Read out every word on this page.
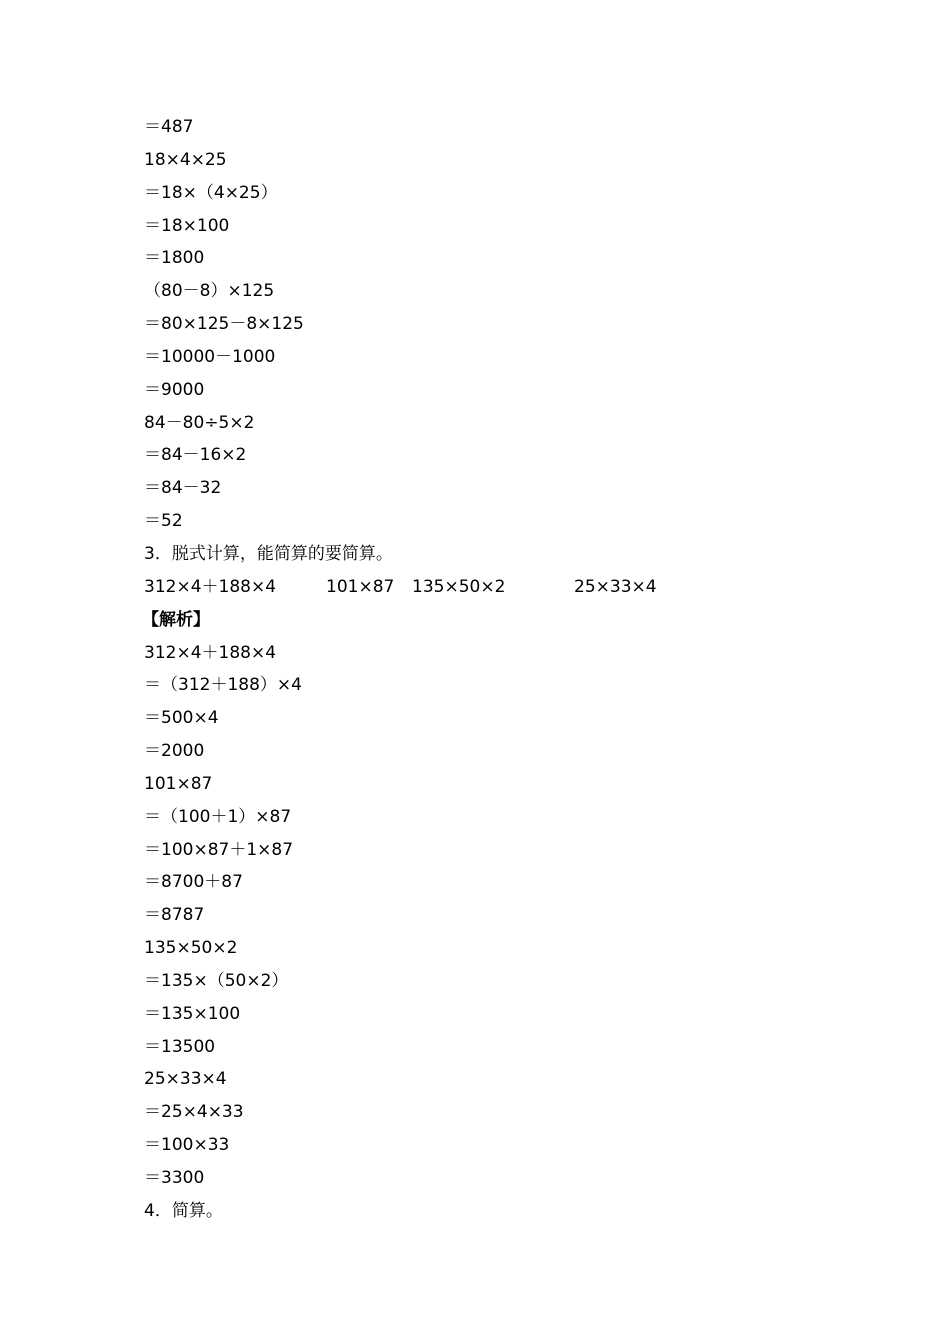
＝487
18×4×25
＝18×（4×25）
＝18×100
＝1800
（80－8）×125
＝80×125－8×125
＝10000－1000
＝9000
84－80÷5×2
＝84－16×2
＝84－32
＝52
3．脱式计算，能简算的要简算。
312×4＋188×4	101×87 135×50×2	25×33×4
【解析】
312×4＋188×4
＝（312＋188）×4
＝500×4
＝2000
101×87
＝（100＋1）×87
＝100×87＋1×87
＝8700＋87
＝8787
135×50×2
＝135×（50×2）
＝135×100
＝13500
25×33×4
＝25×4×33
＝100×33
＝3300
4．简算。
